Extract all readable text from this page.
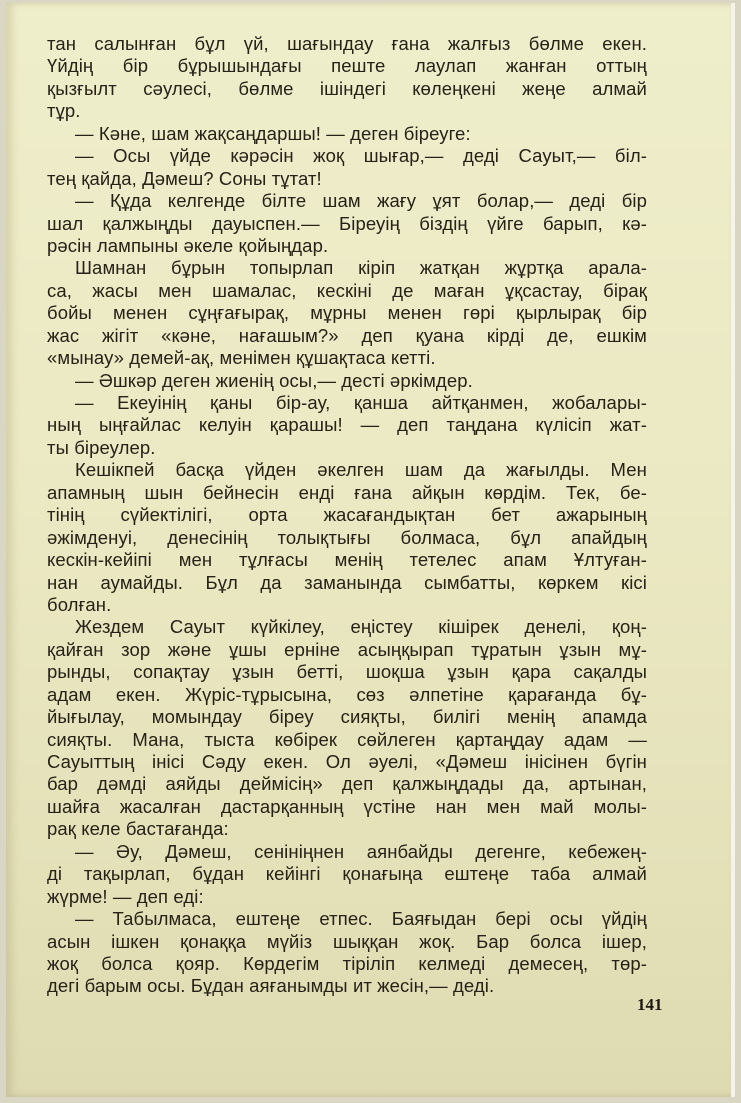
тан салынған бұл үй, шағындау ғана жалғыз бөлме екен.
Үйдің бір бұрышындағы пеште лаулап жанған оттың
қызғылт сәулесі, бөлме ішіндегі көлеңкені жеңе алмай
тұр.
— Кәне, шам жақсаңдаршы! — деген біреуге:
— Осы үйде кәрәсін жоқ шығар,— деді Сауыт,— біл-
тең қайда, Дәмеш? Соны тұтат!
— Құда келгенде білте шам жағу ұят болар,— деді бір
шал қалжыңды дауыспен.— Біреуің біздің үйге барып, кә-
рәсін лампыны әкеле қойыңдар.
Шамнан бұрын топырлап кіріп жатқан жұртқа арала-
са, жасы мен шамалас, кескіні де маған ұқсастау, бірақ
бойы менен сұңғағырақ, мұрны менен гөрі қырлырақ бір
жас жігіт «кәне, нағашым?» деп қуана кірді де, ешкім
«мынау» демей-ақ, менімен құшақтаса кетті.
— Әшкәр деген жиенің осы,— десті әркімдер.
— Екеуінің қаны бір-ау, қанша айтқанмен, жобалары-
ның ыңғайлас келуін қарашы! — деп таңдана күлісіп жат-
ты біреулер.
Кешікпей басқа үйден әкелген шам да жағылды. Мен
апамның шын бейнесін енді ғана айқын көрдім. Тек, бе-
тінің сүйектілігі, орта жасағандықтан бет ажарының
әжімденуі, денесінің толықтығы болмаса, бұл апайдың
кескін-кейіпі мен тұлғасы менің тетелес апам Ұлтуған-
нан аумайды. Бұл да заманында сымбатты, көркем кісі
болған.
Жездем Сауыт күйкілеу, еңістеу кішірек денелі, қоң-
қайған зор және ұшы ерніне асыңқырап тұратын ұзын мұ-
рынды, сопақтау ұзын бетті, шоқша ұзын қара сақалды
адам екен. Жүріс-тұрысына, сөз әлпетіне қарағанда бұ-
йығылау, момындау біреу сияқты, билігі менің апамда
сияқты. Мана, тыста көбірек сөйлеген қартаңдау адам —
Сауыттың інісі Сәду екен. Ол әуелі, «Дәмеш інісінен бүгін
бар дәмді аяйды деймісің» деп қалжыңдады да, артынан,
шайға жасалған дастарқанның үстіне нан мен май молы-
рақ келе бастағанда:
— Әу, Дәмеш, сенініңнен аянбайды дегенге, кебежең-
ді тақырлап, бұдан кейінгі қонағыңа ештеңе таба алмай
жүрме! — деп еді:
— Табылмаса, ештеңе етпес. Баяғыдан бері осы үйдің
асын ішкен қонаққа мүйіз шыққан жоқ. Бар болса ішер,
жоқ болса қояр. Көрдегім тіріліп келмеді демесең, төр-
дегі барым осы. Бұдан аяғанымды ит жесін,— деді.
141
